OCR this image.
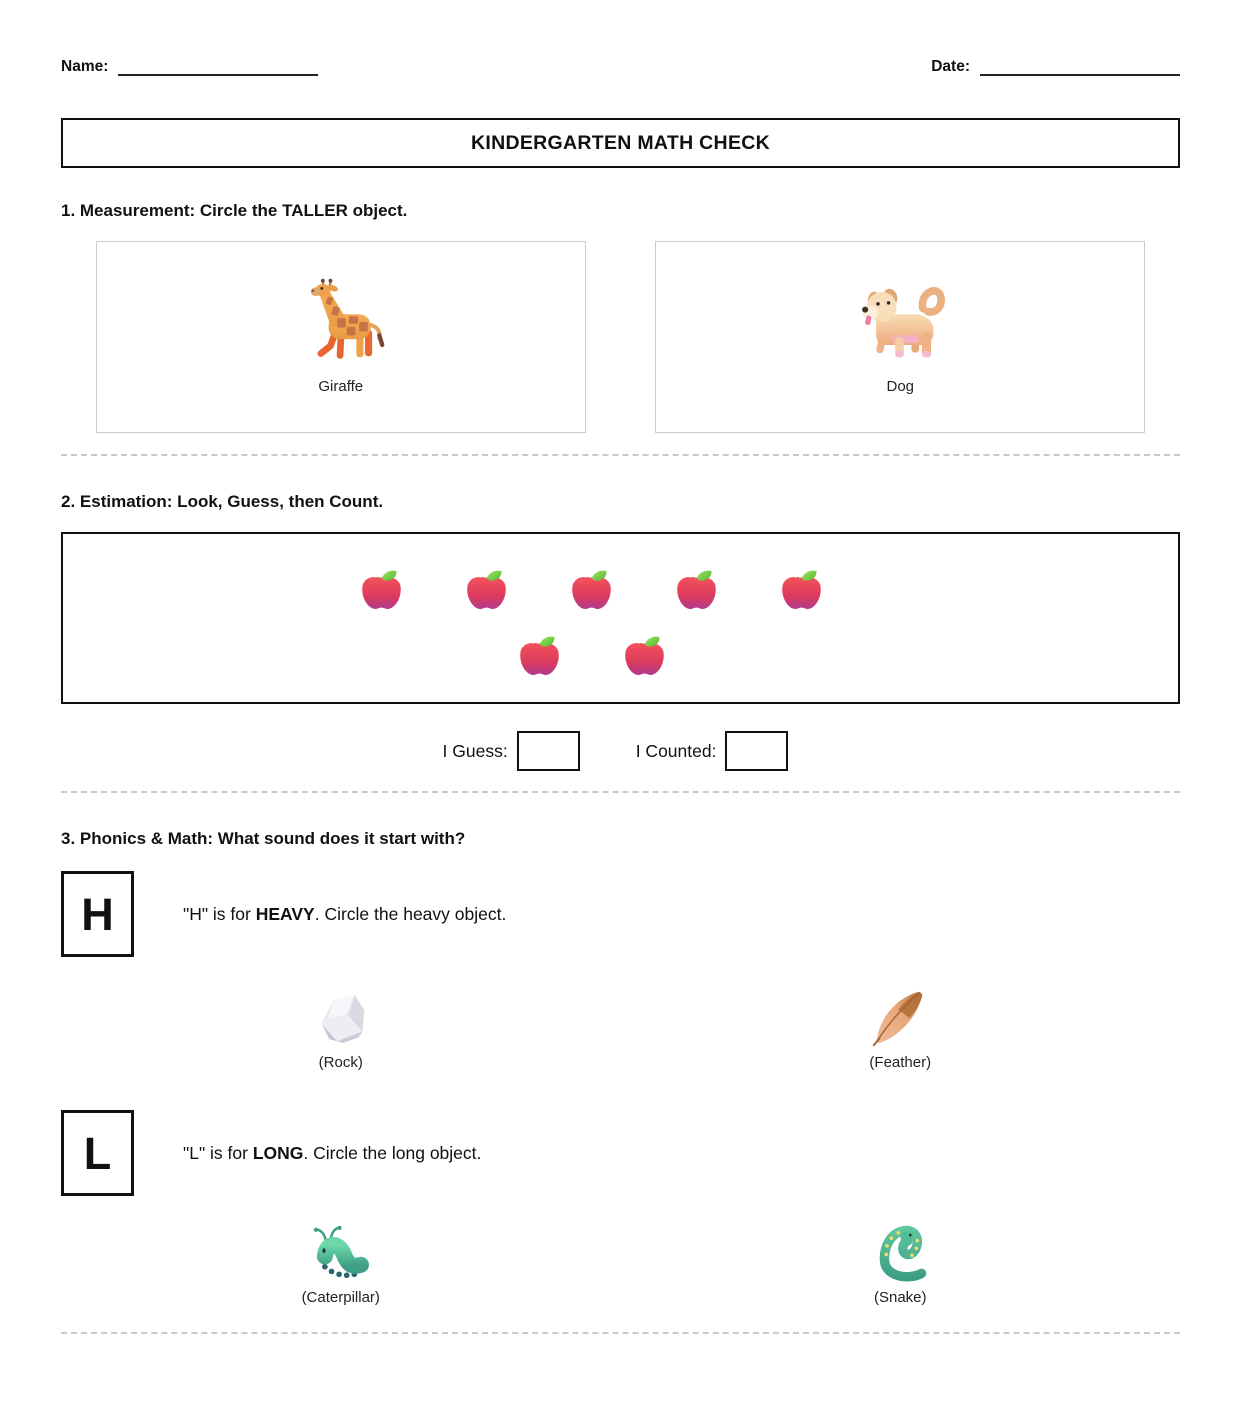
Name:	Date:
KINDERGARTEN MATH CHECK
1. Measurement: Circle the TALLER object.
Giraffe	Dog
2. Estimation: Look, Guess, then Count.
I Guess:	I Counted:
3. Phonics & Math: What sound does it start with?
H	"H" is for HEAVY. Circle the heavy object.
(Rock)	(Feather)
L	"L" is for LONG. Circle the long object.
(Caterpillar)	(Snake)
